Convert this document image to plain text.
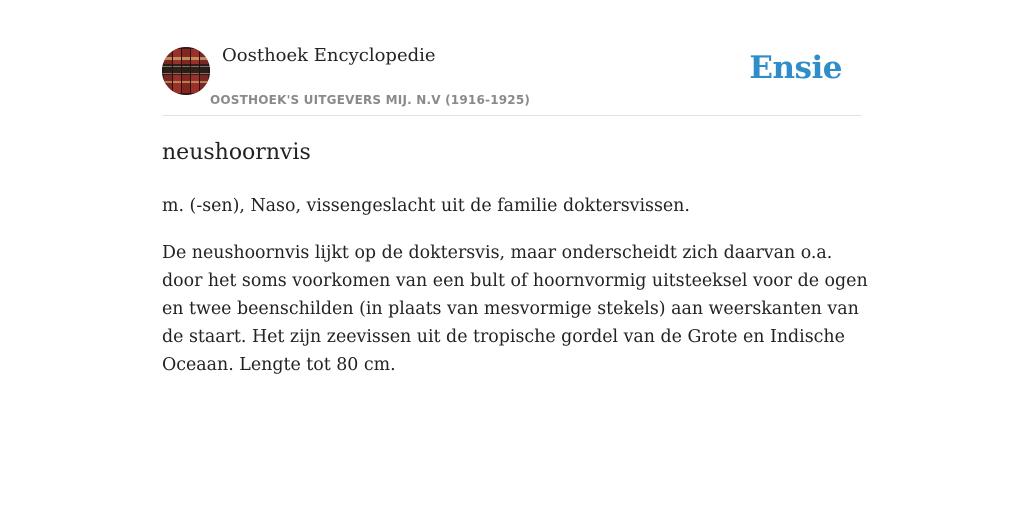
Oosthoek Encyclopedie
OOSTHOEK'S UITGEVERS MIJ. N.V (1916-1925)
Ensie
neushoornvis

m. (-sen), Naso, vissengeslacht uit de familie doktersvissen.

De neushoornvis lijkt op de doktersvis, maar onderscheidt zich daarvan o.a. door het soms voorkomen van een bult of hoornvormig uitsteeksel voor de ogen en twee beenschilden (in plaats van mesvormige stekels) aan weerskanten van de staart. Het zijn zeevissen uit de tropische gordel van de Grote en Indische Oceaan. Lengte tot 80 cm.
